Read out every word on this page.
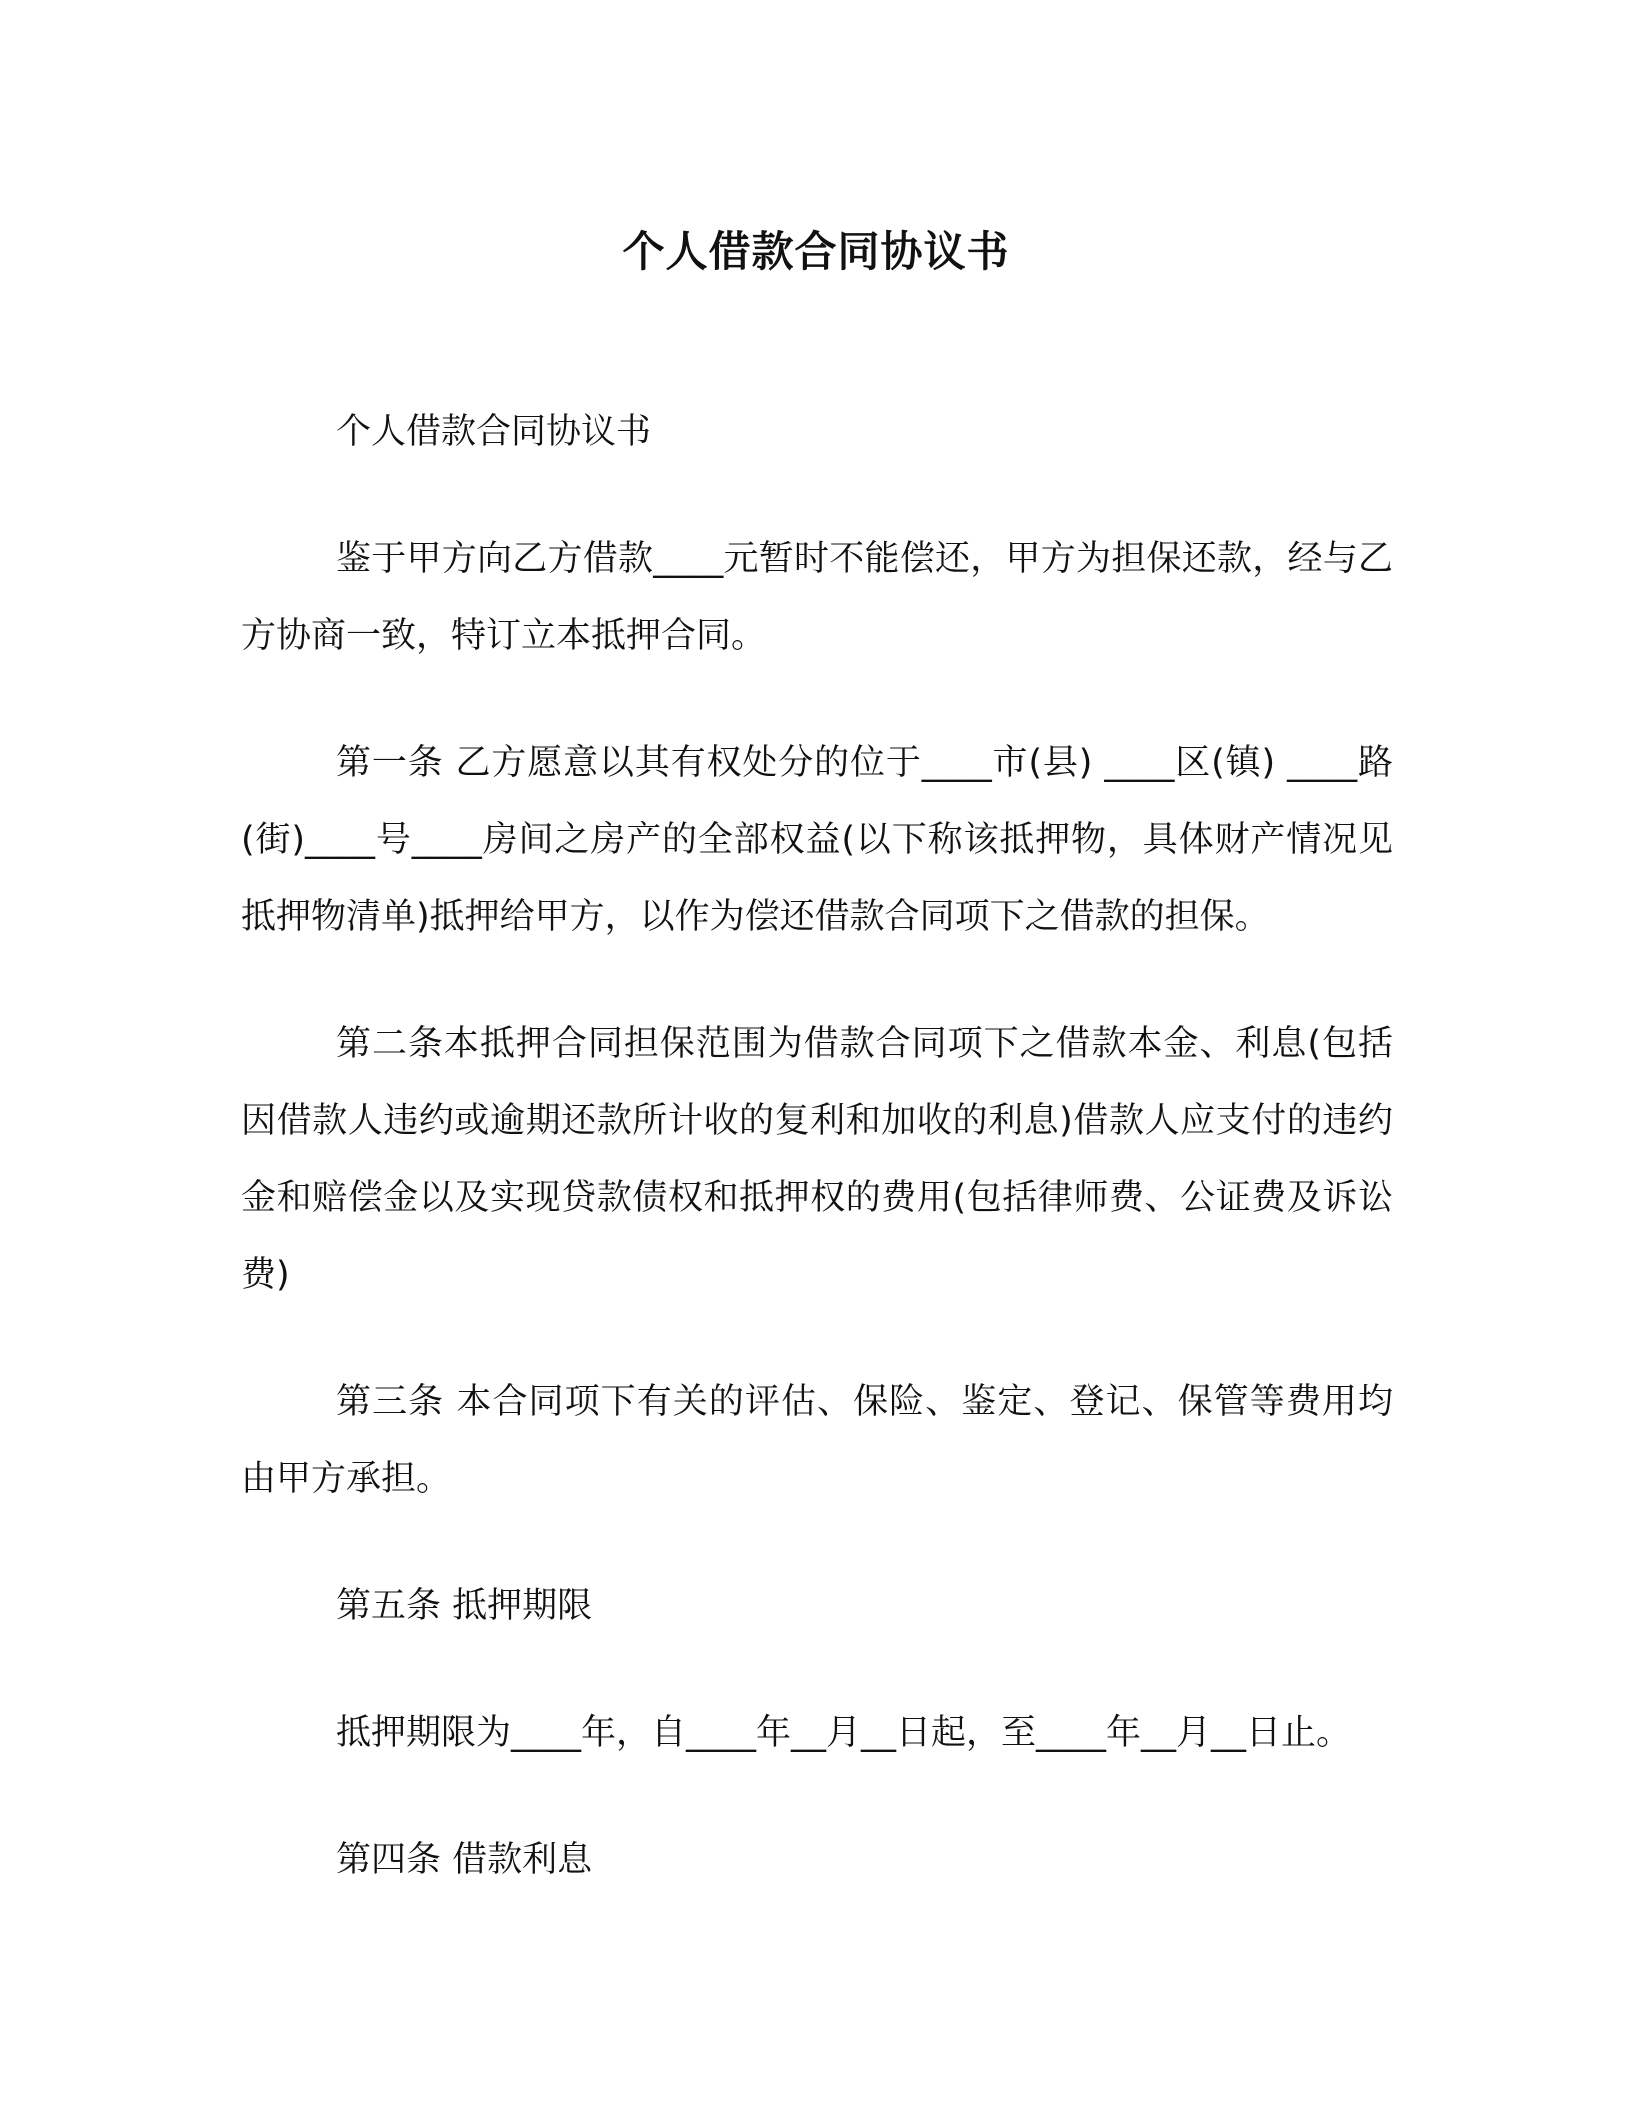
个人借款合同协议书

个人借款合同协议书

鉴于甲方向乙方借款____元暂时不能偿还，甲方为担保还款，经与乙方协商一致，特订立本抵押合同。

第一条 乙方愿意以其有权处分的位于____市(县) ____区(镇) ____路(街)____号____房间之房产的全部权益(以下称该抵押物，具体财产情况见抵押物清单)抵押给甲方，以作为偿还借款合同项下之借款的担保。

第二条本抵押合同担保范围为借款合同项下之借款本金、利息(包括因借款人违约或逾期还款所计收的复利和加收的利息)借款人应支付的违约金和赔偿金以及实现贷款债权和抵押权的费用(包括律师费、公证费及诉讼费)

第三条 本合同项下有关的评估、保险、鉴定、登记、保管等费用均由甲方承担。

第五条 抵押期限

抵押期限为____年，自____年__月__日起，至____年__月__日止。

第四条 借款利息
